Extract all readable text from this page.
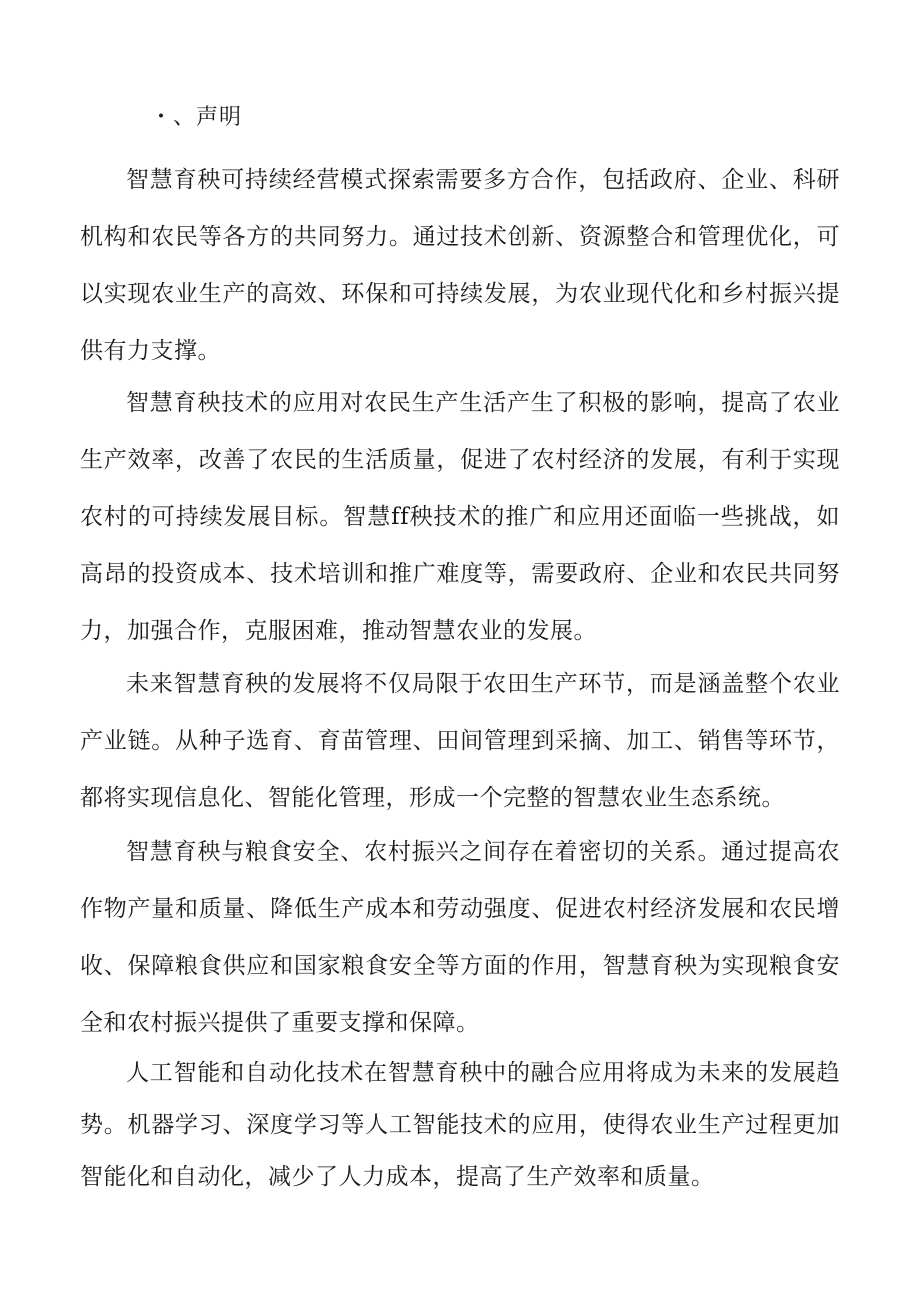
・、声明

智慧育秧可持续经营模式探索需要多方合作，包括政府、企业、科研机构和农民等各方的共同努力。通过技术创新、资源整合和管理优化，可以实现农业生产的高效、环保和可持续发展，为农业现代化和乡村振兴提供有力支撑。

智慧育秧技术的应用对农民生产生活产生了积极的影响，提高了农业生产效率，改善了农民的生活质量，促进了农村经济的发展，有利于实现农村的可持续发展目标。智慧ff秧技术的推广和应用还面临一些挑战，如高昂的投资成本、技术培训和推广难度等，需要政府、企业和农民共同努力，加强合作，克服困难，推动智慧农业的发展。

未来智慧育秧的发展将不仅局限于农田生产环节，而是涵盖整个农业产业链。从种子选育、育苗管理、田间管理到采摘、加工、销售等环节，都将实现信息化、智能化管理，形成一个完整的智慧农业生态系统。

智慧育秧与粮食安全、农村振兴之间存在着密切的关系。通过提高农作物产量和质量、降低生产成本和劳动强度、促进农村经济发展和农民增收、保障粮食供应和国家粮食安全等方面的作用，智慧育秧为实现粮食安全和农村振兴提供了重要支撑和保障。

人工智能和自动化技术在智慧育秧中的融合应用将成为未来的发展趋势。机器学习、深度学习等人工智能技术的应用，使得农业生产过程更加智能化和自动化，减少了人力成本，提高了生产效率和质量。
